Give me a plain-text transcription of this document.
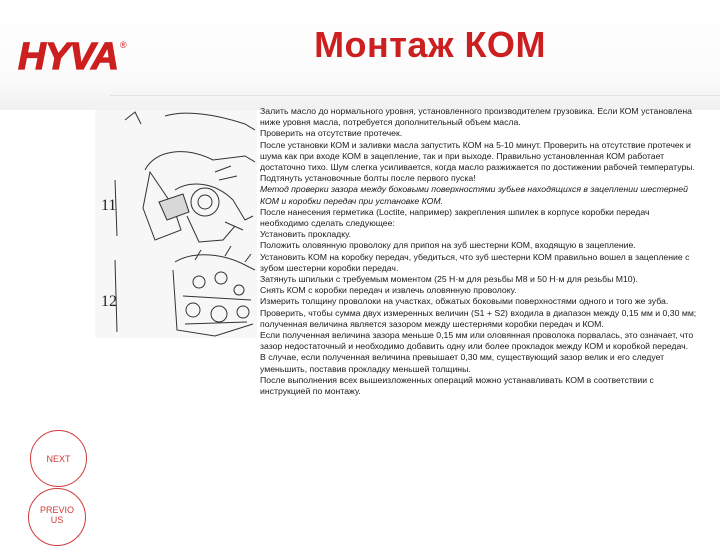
HYVA ®	Монтаж КОМ
11
12

Залить масло до нормального уровня, установленного производителем грузовика. Если КОМ установлена ниже уровня масла, потребуется дополнительный объем масла.

Проверить на отсутствие протечек.

После установки КОМ и заливки масла запустить КОМ на 5-10 минут. Проверить на отсутствие протечек и шума как при входе КОМ в зацепление, так и при выходе. Правильно установленная КОМ работает достаточно тихо. Шум слегка усиливается, когда масло разжижается по достижении рабочей температуры. Подтянуть установочные болты после первого пуска!

Метод проверки зазора между боковыми поверхностями зубьев находящихся в зацеплении шестерней КОМ и коробки передач при установке КОМ.

После нанесения герметика (Loctite, например) закрепления шпилек в корпусе коробки передач необходимо сделать следующее:

Установить прокладку.

Положить оловянную проволоку для припоя на зуб шестерни КОМ, входящую в зацепление.

Установить КОМ на коробку передач, убедиться, что зуб шестерни КОМ правильно вошел в зацепление с зубом шестерни коробки передач.

Затянуть шпильки с требуемым моментом (25 Н·м для резьбы М8 и 50 Н·м для резьбы М10).

Снять КОМ с коробки передач и извлечь оловянную проволоку.

Измерить толщину проволоки на участках, обжатых боковыми поверхностями одного и того же зуба. Проверить, чтобы сумма двух измеренных величин (S1 + S2) входила в диапазон между 0,15 мм и 0,30 мм; полученная величина является зазором между шестернями коробки передач и КОМ.

Если полученная величина зазора меньше 0,15 мм или оловянная проволока порвалась, это означает, что зазор недостаточный и необходимо добавить одну или более прокладок между КОМ и коробкой передач.

В случае, если полученная величина превышает 0,30 мм, существующий зазор велик и его следует уменьшить, поставив прокладку меньшей толщины.

После выполнения всех вышеизложенных операций можно устанавливать КОМ в соответствии с инструкцией по монтажу.

NEXT
PREVIOUS
